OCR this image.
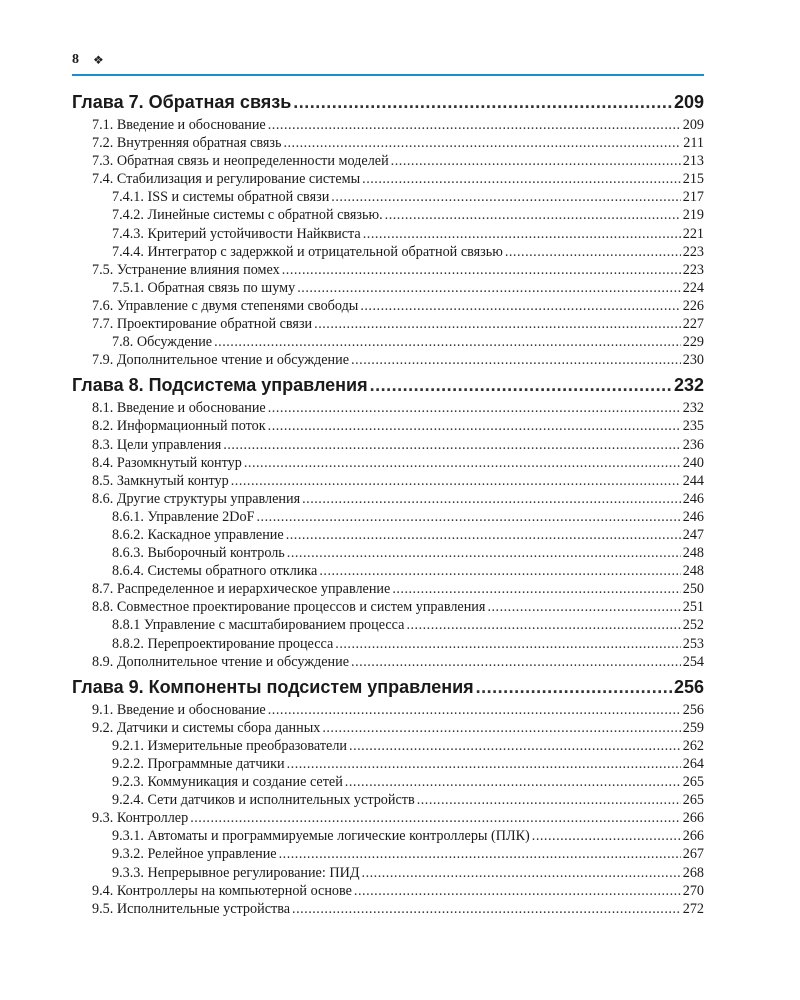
8 ❖
Глава 7. Обратная связь .....	209
7.1. Введение и обоснование .....	209
7.2. Внутренняя обратная связь .....	211
7.3. Обратная связь и неопределенности моделей .....	213
7.4. Стабилизация и регулирование системы .....	215
7.4.1. ISS и системы обратной связи .....	217
7.4.2. Линейные системы с обратной связью. .....	219
7.4.3. Критерий устойчивости Найквиста .....	221
7.4.4. Интегратор с задержкой и отрицательной обратной связью .....	223
7.5. Устранение влияния помех .....	223
7.5.1. Обратная связь по шуму .....	224
7.6. Управление с двумя степенями свободы .....	226
7.7. Проектирование обратной связи .....	227
7.8. Обсуждение .....	229
7.9. Дополнительное чтение и обсуждение .....	230
Глава 8. Подсистема управления .....	232
8.1. Введение и обоснование .....	232
8.2. Информационный поток .....	235
8.3. Цели управления .....	236
8.4. Разомкнутый контур .....	240
8.5. Замкнутый контур .....	244
8.6. Другие структуры управления .....	246
8.6.1. Управление 2DoF .....	246
8.6.2. Каскадное управление .....	247
8.6.3. Выборочный контроль .....	248
8.6.4. Системы обратного отклика .....	248
8.7. Распределенное и иерархическое управление .....	250
8.8. Совместное проектирование процессов и систем управления .....	251
8.8.1 Управление с масштабированием процесса .....	252
8.8.2. Перепроектирование процесса .....	253
8.9. Дополнительное чтение и обсуждение .....	254
Глава 9. Компоненты подсистем управления .....	256
9.1. Введение и обоснование .....	256
9.2. Датчики и системы сбора данных .....	259
9.2.1. Измерительные преобразователи .....	262
9.2.2. Программные датчики .....	264
9.2.3. Коммуникация и создание сетей .....	265
9.2.4. Сети датчиков и исполнительных устройств .....	265
9.3. Контроллер .....	266
9.3.1. Автоматы и программируемые логические контроллеры (ПЛК) .....	266
9.3.2. Релейное управление .....	267
9.3.3. Непрерывное регулирование: ПИД .....	268
9.4. Контроллеры на компьютерной основе .....	270
9.5. Исполнительные устройства .....	272
